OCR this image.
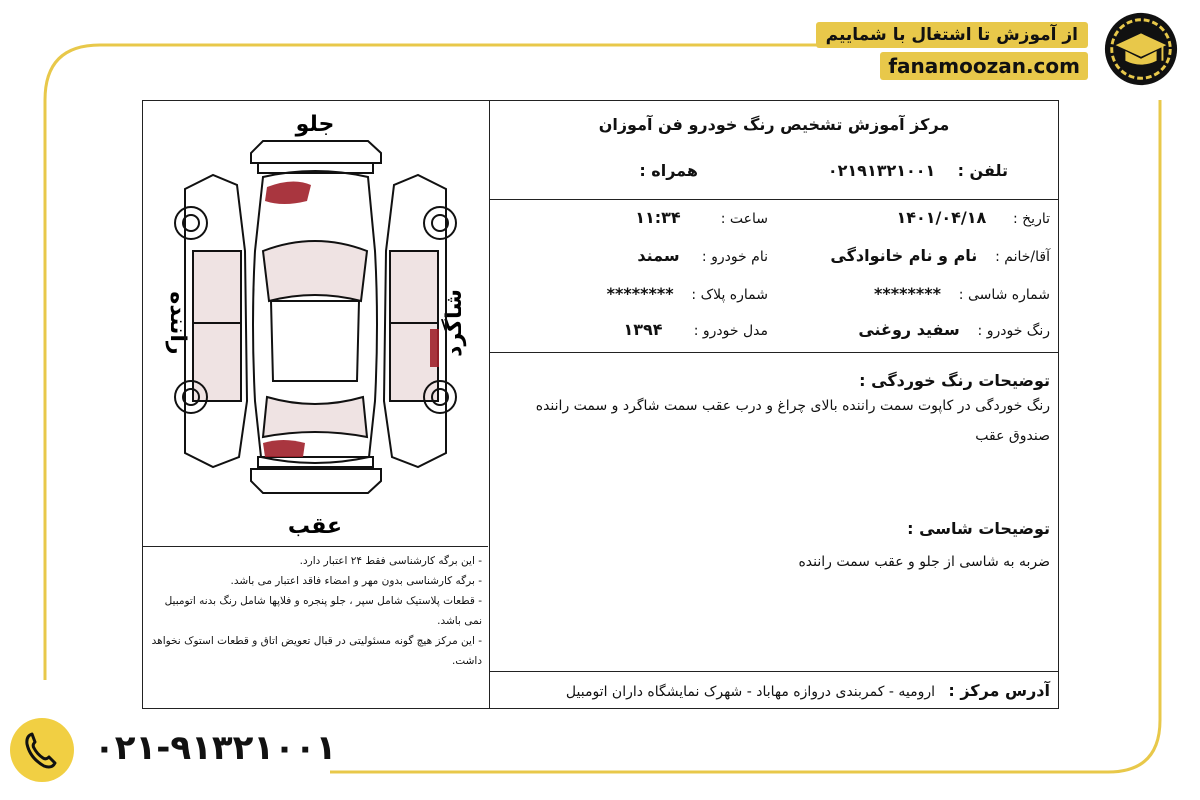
از آموزش تا اشتغال با شماییم
fanamoozan.com
۰۲۱-۹۱۳۲۱۰۰۱
جلو
عقب
راننده	شاگرد
- این برگه کارشناسی فقط ۲۴ اعتبار دارد.
- برگه کارشناسی بدون مهر و امضاء فاقد اعتبار می باشد.
- قطعات پلاستیک شامل سپر ، جلو پنجره و فلاپها شامل رنگ بدنه اتومبیل نمی باشد.
- این مرکز هیچ گونه مسئولیتی در قبال تعویض اتاق و قطعات استوک نخواهد داشت.
مرکز آموزش تشخیص رنگ خودرو فن آموزان
تلفن :    ۰۲۱۹۱۳۲۱۰۰۱
همراه :
تاریخ :      ۱۴۰۱/۰۴/۱۸
ساعت :         ۱۱:۳۴
آقا/خانم :    نام و نام خانوادگی
نام خودرو :     سمند
شماره شاسی :    ********
شماره پلاک :    ********
رنگ خودرو :    سفید روغنی
مدل خودرو :       ۱۳۹۴
توضیحات رنگ خوردگی :
رنگ خوردگی در کاپوت سمت راننده بالای چراغ و درب عقب سمت شاگرد و سمت راننده صندوق عقب
توضیحات شاسی :
ضربه به شاسی از جلو و عقب سمت راننده
آدرس مرکز :   ارومیه - کمربندی دروازه مهاباد - شهرک نمایشگاه داران اتومبیل
